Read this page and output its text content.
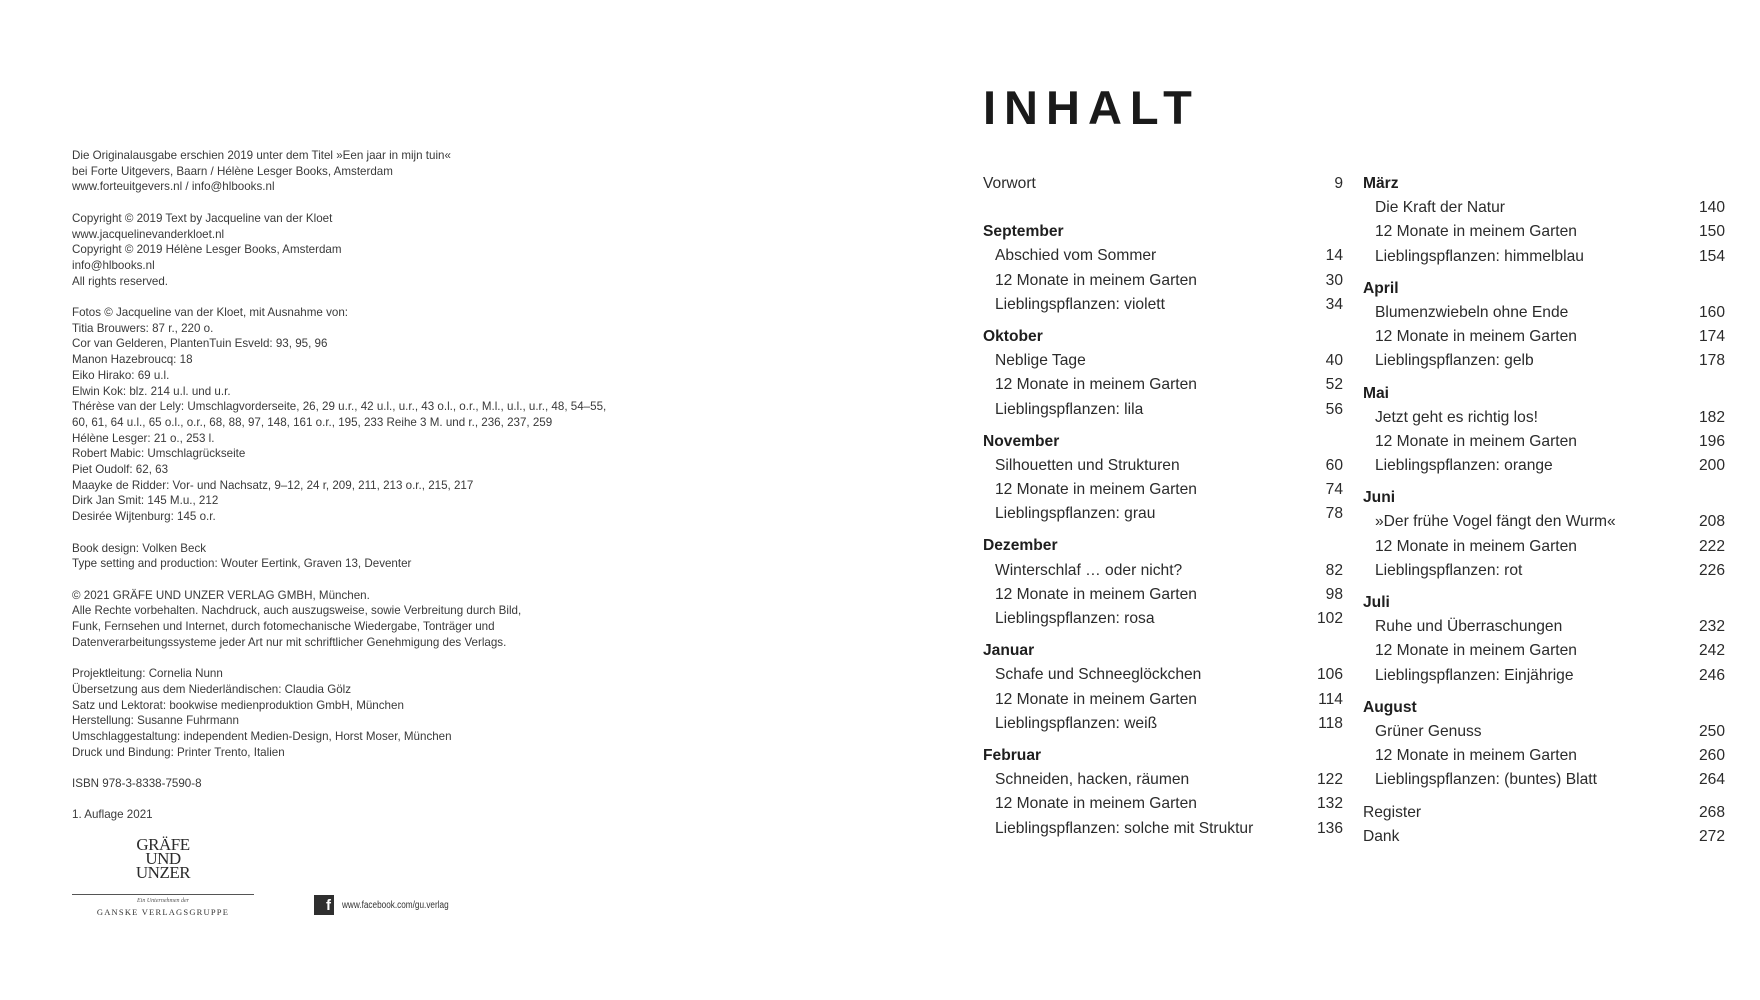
Die Originalausgabe erschien 2019 unter dem Titel »Een jaar in mijn tuin«
bei Forte Uitgevers, Baarn / Hélène Lesger Books, Amsterdam
www.forteuitgevers.nl / info@hlbooks.nl
Copyright © 2019 Text by Jacqueline van der Kloet
www.jacquelinevanderkloet.nl
Copyright © 2019 Hélène Lesger Books, Amsterdam
info@hlbooks.nl
All rights reserved.
Fotos © Jacqueline van der Kloet, mit Ausnahme von:
Titia Brouwers: 87 r., 220 o.
Cor van Gelderen, PlantenTuin Esveld: 93, 95, 96
Manon Hazebroucq: 18
Eiko Hirako: 69 u.l.
Elwin Kok: blz. 214 u.l. und u.r.
Thérèse van der Lely: Umschlagvorderseite, 26, 29 u.r., 42 u.l., u.r., 43 o.l., o.r., M.l., u.l., u.r., 48, 54–55,
60, 61, 64 u.l., 65 o.l., o.r., 68, 88, 97, 148, 161 o.r., 195, 233 Reihe 3 M. und r., 236, 237, 259
Hélène Lesger: 21 o., 253 l.
Robert Mabic: Umschlagrückseite
Piet Oudolf: 62, 63
Maayke de Ridder: Vor- und Nachsatz, 9–12, 24 r, 209, 211, 213 o.r., 215, 217
Dirk Jan Smit: 145 M.u., 212
Desirée Wijtenburg: 145 o.r.
Book design: Volken Beck
Type setting and production: Wouter Eertink, Graven 13, Deventer
© 2021 GRÄFE UND UNZER VERLAG GMBH, München.
Alle Rechte vorbehalten. Nachdruck, auch auszugsweise, sowie Verbreitung durch Bild,
Funk, Fernsehen und Internet, durch fotomechanische Wiedergabe, Tonträger und
Datenverarbeitungssysteme jeder Art nur mit schriftlicher Genehmigung des Verlags.
Projektleitung: Cornelia Nunn
Übersetzung aus dem Niederländischen: Claudia Gölz
Satz und Lektorat: bookwise medienproduktion GmbH, München
Herstellung: Susanne Fuhrmann
Umschlaggestaltung: independent Medien-Design, Horst Moser, München
Druck und Bindung: Printer Trento, Italien
ISBN 978-3-8338-7590-8
1. Auflage 2021
GRÄFE UND UNZER
Ein Unternehmen der
GANSKE VERLAGSGRUPPE	f	www.facebook.com/gu.verlag
INHALT
Vorwort	9
September
Abschied vom Sommer	14
12 Monate in meinem Garten	30
Lieblingspflanzen: violett	34
Oktober
Neblige Tage	40
12 Monate in meinem Garten	52
Lieblingspflanzen: lila	56
November
Silhouetten und Strukturen	60
12 Monate in meinem Garten	74
Lieblingspflanzen: grau	78
Dezember
Winterschlaf … oder nicht?	82
12 Monate in meinem Garten	98
Lieblingspflanzen: rosa	102
Januar
Schafe und Schneeglöckchen	106
12 Monate in meinem Garten	114
Lieblingspflanzen: weiß	118
Februar
Schneiden, hacken, räumen	122
12 Monate in meinem Garten	132
Lieblingspflanzen: solche mit Struktur	136
März
Die Kraft der Natur	140
12 Monate in meinem Garten	150
Lieblingspflanzen: himmelblau	154
April
Blumenzwiebeln ohne Ende	160
12 Monate in meinem Garten	174
Lieblingspflanzen: gelb	178
Mai
Jetzt geht es richtig los!	182
12 Monate in meinem Garten	196
Lieblingspflanzen: orange	200
Juni
»Der frühe Vogel fängt den Wurm«	208
12 Monate in meinem Garten	222
Lieblingspflanzen: rot	226
Juli
Ruhe und Überraschungen	232
12 Monate in meinem Garten	242
Lieblingspflanzen: Einjährige	246
August
Grüner Genuss	250
12 Monate in meinem Garten	260
Lieblingspflanzen: (buntes) Blatt	264
Register	268
Dank	272
